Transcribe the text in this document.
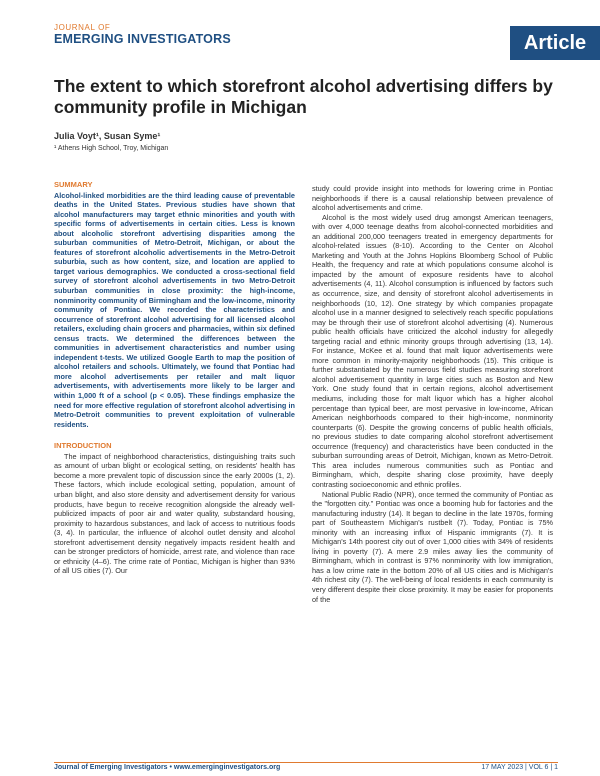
JOURNAL OF
EMERGING INVESTIGATORS	Article
The extent to which storefront alcohol advertising differs by community profile in Michigan
Julia Voyt¹, Susan Syme¹
¹ Athens High School, Troy, Michigan

SUMMARY

Alcohol-linked morbidities are the third leading cause of preventable deaths in the United States. Previous studies have shown that alcohol manufacturers may target ethnic minorities and youth with specific forms of advertisements in certain cities. Less is known about alcoholic storefront advertising disparities among the suburban communities of Metro-Detroit, Michigan, or about the features of storefront alcoholic advertisements in the Metro-Detroit suburbia, such as how content, size, and location are applied to target various demographics. We conducted a cross-sectional field survey of storefront alcohol advertisements in two Metro-Detroit suburban communities in close proximity: the high-income, nonminority community of Birmingham and the low-income, minority community of Pontiac. We recorded the characteristics and occurrence of storefront alcohol advertising for all licensed alcohol retailers, excluding chain grocers and pharmacies, within six defined census tracts. We determined the differences between the communities in advertisement characteristics and number using independent t-tests. We utilized Google Earth to map the position of alcohol retailers and schools. Ultimately, we found that Pontiac had more alcohol advertisements per retailer and malt liquor advertisements, with advertisements more likely to be larger and within 1,000 ft of a school (p < 0.05). These findings emphasize the need for more effective regulation of storefront alcohol advertising in Metro-Detroit communities to prevent exploitation of vulnerable residents.

INTRODUCTION

The impact of neighborhood characteristics, distinguishing traits such as amount of urban blight or ecological setting, on residents' health has become a more prevalent topic of discussion since the early 2000s (1, 2). These factors, which include ecological setting, population, amount of urban blight, and also store density and advertisement density for various products, have begun to receive recognition alongside the already well-publicized impacts of poor air and water quality, substandard housing, proximity to hazardous substances, and lack of access to nutritious foods (3, 4). In particular, the influence of alcohol outlet density and alcohol storefront advertisement density negatively impacts resident health and can be stronger predictors of homicide, arrest rate, and violence than race or ethnicity (4–6). The crime rate of Pontiac, Michigan is higher than 93% of all US cities (7). Our

study could provide insight into methods for lowering crime in Pontiac neighborhoods if there is a causal relationship between prevalence of alcohol advertisements and crime.

Alcohol is the most widely used drug amongst American teenagers, with over 4,000 teenage deaths from alcohol-connected morbidities and an additional 200,000 teenagers treated in emergency departments for alcohol-related issues (8-10). According to the Center on Alcohol Marketing and Youth at the Johns Hopkins Bloomberg School of Public Health, the frequency and rate at which populations consume alcohol is impacted by the amount of exposure residents have to alcohol advertisements (4, 11). Alcohol consumption is influenced by factors such as occurrence, size, and density of storefront alcohol advertisements in neighborhoods (10, 12). One strategy by which companies propagate alcohol use in a manner designed to selectively reach specific populations may be through their use of storefront alcohol advertising (4). Numerous public health officials have criticized the alcohol industry for allegedly targeting racial and ethnic minority groups through advertising (13, 14). For instance, McKee et al. found that malt liquor advertisements were more common in minority-majority neighborhoods (15). This critique is further substantiated by the numerous field studies measuring storefront alcohol advertisement quantity in large cities such as Boston and New York. One study found that in certain regions, alcohol advertisement mediums, including those for malt liquor which has a higher alcohol percentage than typical beer, are most pervasive in low-income, African American neighborhoods compared to their high-income, nonminority counterparts (6). Despite the growing concerns of public health officials, no previous studies to date comparing alcohol storefront advertisement occurrence (frequency) and characteristics have been conducted in the suburban surrounding areas of Detroit, Michigan, known as Metro-Detroit. This area includes numerous communities such as Pontiac and Birmingham, which, despite sharing close proximity, have deeply contrasting socioeconomic and ethnic profiles.

National Public Radio (NPR), once termed the community of Pontiac as the "forgotten city." Pontiac was once a booming hub for factories and the manufacturing industry (14). It began to decline in the late 1970s, forming part of Southeastern Michigan's rustbelt (7). Today, Pontiac is 75% minority with an increasing influx of Hispanic immigrants (7). It is Michigan's 14th poorest city out of over 1,000 cities with 34% of residents living in poverty (7). A mere 2.9 miles away lies the community of Birmingham, which in contrast is 97% nonminority with low immigration, has a low crime rate in the bottom 20% of all US cities and is Michigan's 4th richest city (7). The well-being of local residents in each community is very different despite their close proximity. It may be easier for proponents of the

Journal of Emerging Investigators • www.emerginginvestigators.org	17 MAY 2023 | VOL 6 | 1
